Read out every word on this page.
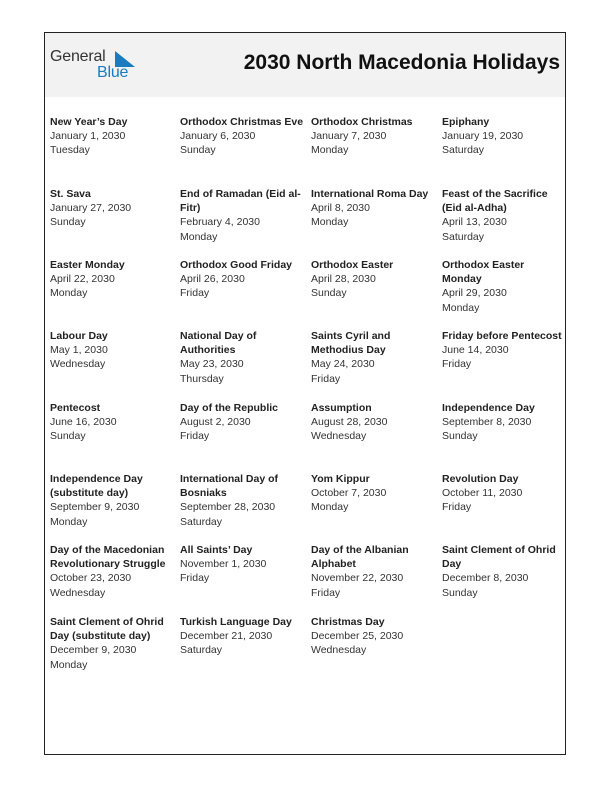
General
Blue	2030 North Macedonia Holidays
New Year’s Day
January 1, 2030
Tuesday
Orthodox Christmas Eve
January 6, 2030
Sunday
Orthodox Christmas
January 7, 2030
Monday
Epiphany
January 19, 2030
Saturday
St. Sava
January 27, 2030
Sunday
End of Ramadan (Eid al-Fitr)
February 4, 2030
Monday
International Roma Day
April 8, 2030
Monday
Feast of the Sacrifice (Eid al-Adha)
April 13, 2030
Saturday
Easter Monday
April 22, 2030
Monday
Orthodox Good Friday
April 26, 2030
Friday
Orthodox Easter
April 28, 2030
Sunday
Orthodox Easter Monday
April 29, 2030
Monday
Labour Day
May 1, 2030
Wednesday
National Day of Authorities
May 23, 2030
Thursday
Saints Cyril and Methodius Day
May 24, 2030
Friday
Friday before Pentecost
June 14, 2030
Friday
Pentecost
June 16, 2030
Sunday
Day of the Republic
August 2, 2030
Friday
Assumption
August 28, 2030
Wednesday
Independence Day
September 8, 2030
Sunday
Independence Day (substitute day)
September 9, 2030
Monday
International Day of Bosniaks
September 28, 2030
Saturday
Yom Kippur
October 7, 2030
Monday
Revolution Day
October 11, 2030
Friday
Day of the Macedonian Revolutionary Struggle
October 23, 2030
Wednesday
All Saints’ Day
November 1, 2030
Friday
Day of the Albanian Alphabet
November 22, 2030
Friday
Saint Clement of Ohrid Day
December 8, 2030
Sunday
Saint Clement of Ohrid Day (substitute day)
December 9, 2030
Monday
Turkish Language Day
December 21, 2030
Saturday
Christmas Day
December 25, 2030
Wednesday
